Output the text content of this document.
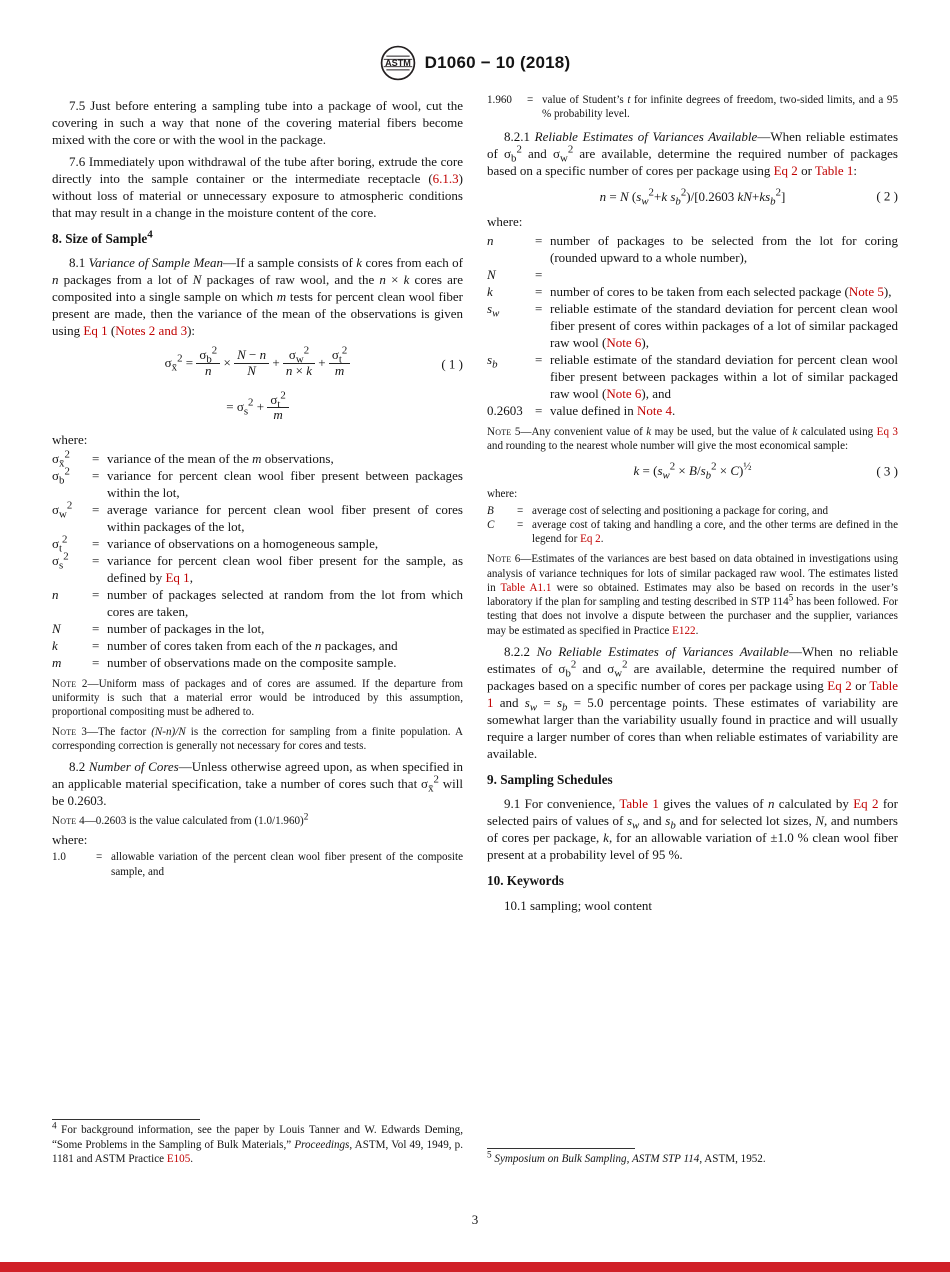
ASTM D1060 − 10 (2018)

7.5 Just before entering a sampling tube into a package of wool, cut the covering in such a way that none of the covering material fibers become mixed with the core or with the wool in the package.

7.6 Immediately upon withdrawal of the tube after boring, extrude the core directly into the sample container or the intermediate receptacle (6.1.3) without loss of material or unnecessary exposure to atmospheric conditions that may result in a change in the moisture content of the core.

8. Size of Sample$^4$

8.1 Variance of Sample Mean—If a sample consists of k cores from each of n packages from a lot of N packages of raw wool, and the n × k cores are composited into a single sample on which m tests for percent clean wool fiber present are made, then the variance of the mean of the observations is given using Eq 1 (Notes 2 and 3):

$\sigma_{x̄}^2 = \frac{\sigma_b^2}{n} \times \frac{N - n}{N} + \frac{\sigma_w^2}{n \times k} + \frac{\sigma_t^2}{m}$	( 1 )
= $\sigma_s^2 + \frac{\sigma_t^2}{m}$

where:

$\sigma_{x̄}^2$	= variance of the mean of the m observations,
$\sigma_b^2$	= variance for percent clean wool fiber present between packages within the lot,
$\sigma_w^2$	= average variance for percent clean wool fiber present of cores within packages of the lot,
$\sigma_t^2$	= variance of observations on a homogeneous sample,
$\sigma_s^2$	= variance for percent clean wool fiber present for the sample, as defined by Eq 1,
n	= number of packages selected at random from the lot from which cores are taken,
N	= number of packages in the lot,
k	= number of cores taken from each of the n packages, and
m	= number of observations made on the composite sample.

Note 2—Uniform mass of packages and of cores are assumed. If the departure from uniformity is such that a material error would be introduced by this assumption, proportional compositing must be adhered to.

Note 3—The factor (N-n)/N is the correction for sampling from a finite population. A corresponding correction is generally not necessary for cores and tests.

8.2 Number of Cores—Unless otherwise agreed upon, as when specified in an applicable material specification, take a number of cores such that $\sigma_{x̄}^2$ will be 0.2603.

Note 4—0.2603 is the value calculated from $(1.0/1.960)^2$

where:

1.0	= allowable variation of the percent clean wool fiber present of the composite sample, and

$^4$ For background information, see the paper by Louis Tanner and W. Edwards Deming, “Some Problems in the Sampling of Bulk Materials,” Proceedings, ASTM, Vol 49, 1949, p. 1181 and ASTM Practice E105.

1.960	= value of Student’s t for infinite degrees of freedom, two-sided limits, and a 95 % probability level.

8.2.1 Reliable Estimates of Variances Available—When reliable estimates of $\sigma_b^2$ and $\sigma_w^2$ are available, determine the required number of packages based on a specific number of cores per package using Eq 2 or Table 1:

n = N ($s_w^2+k$ $s_b^2)/[0.2603$ $kN+ks_b^2$]	( 2 )

where:

n	= number of packages to be selected from the lot for coring (rounded upward to a whole number),
N	=
k	= number of cores to be taken from each selected package (Note 5),
$s_w$	= reliable estimate of the standard deviation for percent clean wool fiber present of cores within packages of a lot of similar packaged raw wool (Note 6),
$s_b$	= reliable estimate of the standard deviation for percent clean wool fiber present between packages within a lot of similar packaged raw wool (Note 6), and
0.2603 = value defined in Note 4.

Note 5—Any convenient value of k may be used, but the value of k calculated using Eq 3 and rounding to the nearest whole number will give the most economical sample:

$k = (s_w^2 \times B/s_b^2 \times C)^{\frac{1}{2}}$	( 3 )

where:

B	= average cost of selecting and positioning a package for coring, and
C	= average cost of taking and handling a core, and the other terms are defined in the legend for Eq 2.

Note 6—Estimates of the variances are best based on data obtained in investigations using analysis of variance techniques for lots of similar packaged raw wool. The estimates listed in Table A1.1 were so obtained. Estimates may also be based on records in the user’s laboratory if the plan for sampling and testing described in STP $114^5$ has been followed. For testing that does not involve a dispute between the purchaser and the supplier, variances may be estimated as specified in Practice E122.

8.2.2 No Reliable Estimates of Variances Available—When no reliable estimates of $\sigma_b^2$ and $\sigma_w^2$ are available, determine the required number of packages based on a specific number of cores per package using Eq 2 or Table 1 and $s_w = s_b = 5.0$ percentage points. These estimates of variability are somewhat larger than the variability usually found in practice and will usually require a larger number of cores than when reliable estimates of variability are available.

9. Sampling Schedules

9.1 For convenience, Table 1 gives the values of n calculated by Eq 2 for selected pairs of values of $s_w$ and $s_b$ and for selected lot sizes, N, and numbers of cores per package, k, for an allowable variation of ±1.0 % clean wool fiber present at a probability level of 95 %.

10. Keywords

10.1 sampling; wool content

$^5$ Symposium on Bulk Sampling, ASTM STP 114, ASTM, 1952.

3
